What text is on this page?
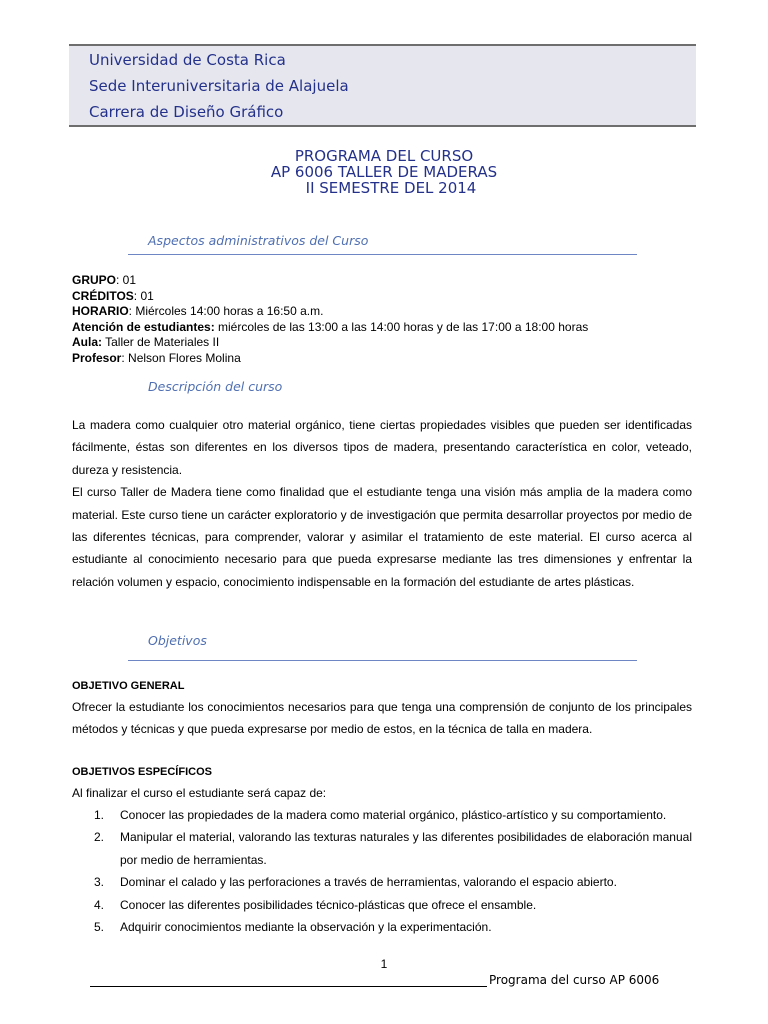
Universidad de Costa Rica
Sede Interuniversitaria de Alajuela
Carrera de Diseño Gráfico
PROGRAMA DEL CURSO
AP 6006 TALLER DE MADERAS
II SEMESTRE DEL 2014
Aspectos administrativos del Curso
GRUPO: 01
CRÉDITOS: 01
HORARIO: Miércoles 14:00 horas a 16:50 a.m.
Atención de estudiantes: miércoles de las 13:00 a las 14:00 horas y de las 17:00 a 18:00 horas
Aula: Taller de Materiales II
Profesor: Nelson Flores Molina
Descripción del curso

La madera como cualquier otro material orgánico, tiene ciertas propiedades visibles que pueden ser identificadas fácilmente, éstas son diferentes en los diversos tipos de madera, presentando característica en color, veteado, dureza y resistencia.

El curso Taller de Madera tiene como finalidad que el estudiante tenga una visión más amplia de la madera como material. Este curso tiene un carácter exploratorio y de investigación que permita desarrollar proyectos por medio de las diferentes técnicas, para comprender, valorar y asimilar el tratamiento de este material. El curso acerca al estudiante al conocimiento necesario para que pueda expresarse mediante las tres dimensiones y enfrentar la relación volumen y espacio, conocimiento indispensable en la formación del estudiante de artes plásticas.

Objetivos
OBJETIVO GENERAL

Ofrecer la estudiante los conocimientos necesarios para que tenga una comprensión de conjunto de los principales métodos y técnicas y que pueda expresarse por medio de estos, en la técnica de talla en madera.

OBJETIVOS ESPECÍFICOS

Al finalizar el curso el estudiante será capaz de:

1. Conocer las propiedades de la madera como material orgánico, plástico-artístico y su comportamiento.
2. Manipular el material, valorando las texturas naturales y las diferentes posibilidades de elaboración manual por medio de herramientas.
3. Dominar el calado y las perforaciones a través de herramientas, valorando el espacio abierto.
4. Conocer las diferentes posibilidades técnico-plásticas que ofrece el ensamble.
5. Adquirir conocimientos mediante la observación y la experimentación.
1
Programa del curso AP 6006
